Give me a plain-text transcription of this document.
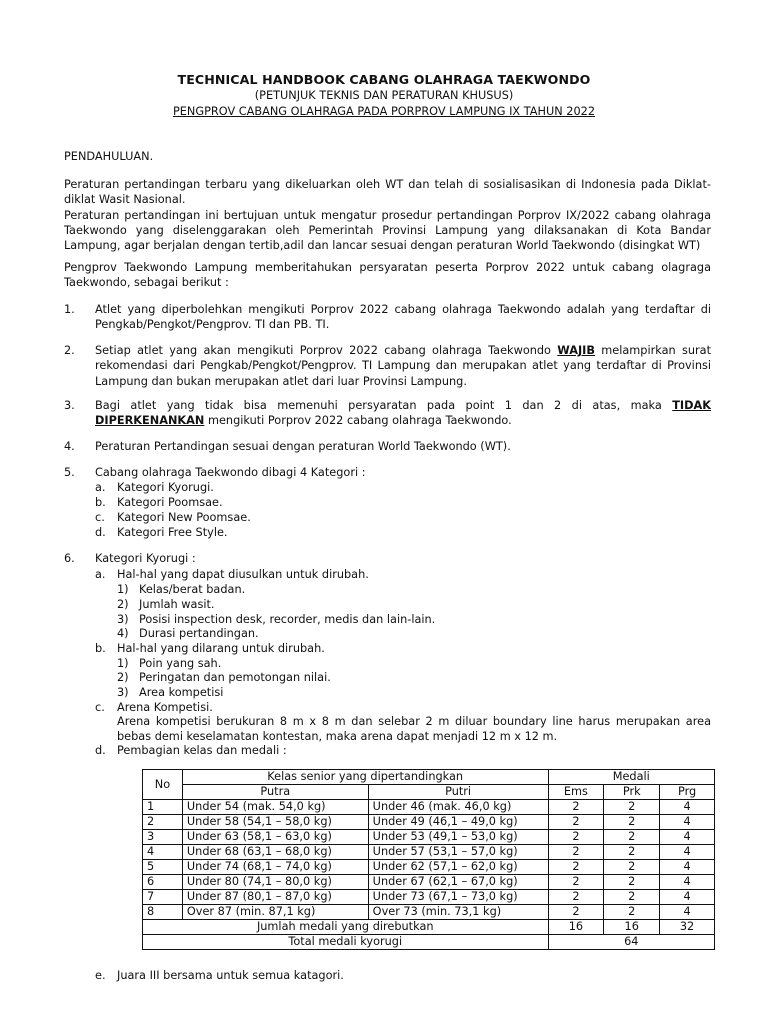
TECHNICAL HANDBOOK CABANG OLAHRAGA TAEKWONDO
(PETUNJUK TEKNIS DAN PERATURAN KHUSUS)
PENGPROV CABANG OLAHRAGA PADA PORPROV LAMPUNG IX TAHUN 2022
PENDAHULUAN.
Peraturan pertandingan terbaru yang dikeluarkan oleh WT dan telah di sosialisasikan di Indonesia pada Diklat-diklat Wasit Nasional.
Peraturan pertandingan ini bertujuan untuk mengatur prosedur pertandingan Porprov IX/2022 cabang olahraga Taekwondo yang diselenggarakan oleh Pemerintah Provinsi Lampung yang dilaksanakan di Kota Bandar Lampung, agar berjalan dengan tertib,adil dan lancar sesuai dengan peraturan World Taekwondo (disingkat WT)
Pengprov Taekwondo Lampung memberitahukan persyaratan peserta Porprov 2022 untuk cabang olagraga Taekwondo, sebagai berikut :
1. Atlet yang diperbolehkan mengikuti Porprov 2022 cabang olahraga Taekwondo adalah yang terdaftar di Pengkab/Pengkot/Pengprov. TI dan PB. TI.
2. Setiap atlet yang akan mengikuti Porprov 2022 cabang olahraga Taekwondo WAJIB melampirkan surat rekomendasi dari Pengkab/Pengkot/Pengprov. TI Lampung dan merupakan atlet yang terdaftar di Provinsi Lampung dan bukan merupakan atlet dari luar Provinsi Lampung.
3. Bagi atlet yang tidak bisa memenuhi persyaratan pada point 1 dan 2 di atas, maka TIDAK DIPERKENANKAN mengikuti Porprov 2022 cabang olahraga Taekwondo.
4. Peraturan Pertandingan sesuai dengan peraturan World Taekwondo (WT).
5. Cabang olahraga Taekwondo dibagi 4 Kategori :
a. Kategori Kyorugi.
b. Kategori Poomsae.
c. Kategori New Poomsae.
d. Kategori Free Style.
6. Kategori Kyorugi :
a. Hal-hal yang dapat diusulkan untuk dirubah.
1) Kelas/berat badan.
2) Jumlah wasit.
3) Posisi inspection desk, recorder, medis dan lain-lain.
4) Durasi pertandingan.
b. Hal-hal yang dilarang untuk dirubah.
1) Poin yang sah.
2) Peringatan dan pemotongan nilai.
3) Area kompetisi
c. Arena Kompetisi.
Arena kompetisi berukuran 8 m x 8 m dan selebar 2 m diluar boundary line harus merupakan area bebas demi keselamatan kontestan, maka arena dapat menjadi 12 m x 12 m.
d. Pembagian kelas dan medali :
No	Kelas senior yang dipertandingkan		Medali		
	Putra	Putri	Ems	Prk	Prg
1	Under 54 (mak. 54,0 kg)	Under 46 (mak. 46,0 kg)	2	2	4
2	Under 58 (54,1 – 58,0 kg)	Under 49 (46,1 – 49,0 kg)	2	2	4
3	Under 63 (58,1 – 63,0 kg)	Under 53 (49,1 – 53,0 kg)	2	2	4
4	Under 68 (63,1 – 68,0 kg)	Under 57 (53,1 – 57,0 kg)	2	2	4
5	Under 74 (68,1 – 74,0 kg)	Under 62 (57,1 – 62,0 kg)	2	2	4
6	Under 80 (74,1 – 80,0 kg)	Under 67 (62,1 – 67,0 kg)	2	2	4
7	Under 87 (80,1 – 87,0 kg)	Under 73 (67,1 – 73,0 kg)	2	2	4
8	Over 87 (min. 87,1 kg)	Over 73 (min. 73,1 kg)	2	2	4
Jumlah medali yang direbutkan			16	16	32
Total medali kyorugi			64		
e. Juara III bersama untuk semua katagori.
